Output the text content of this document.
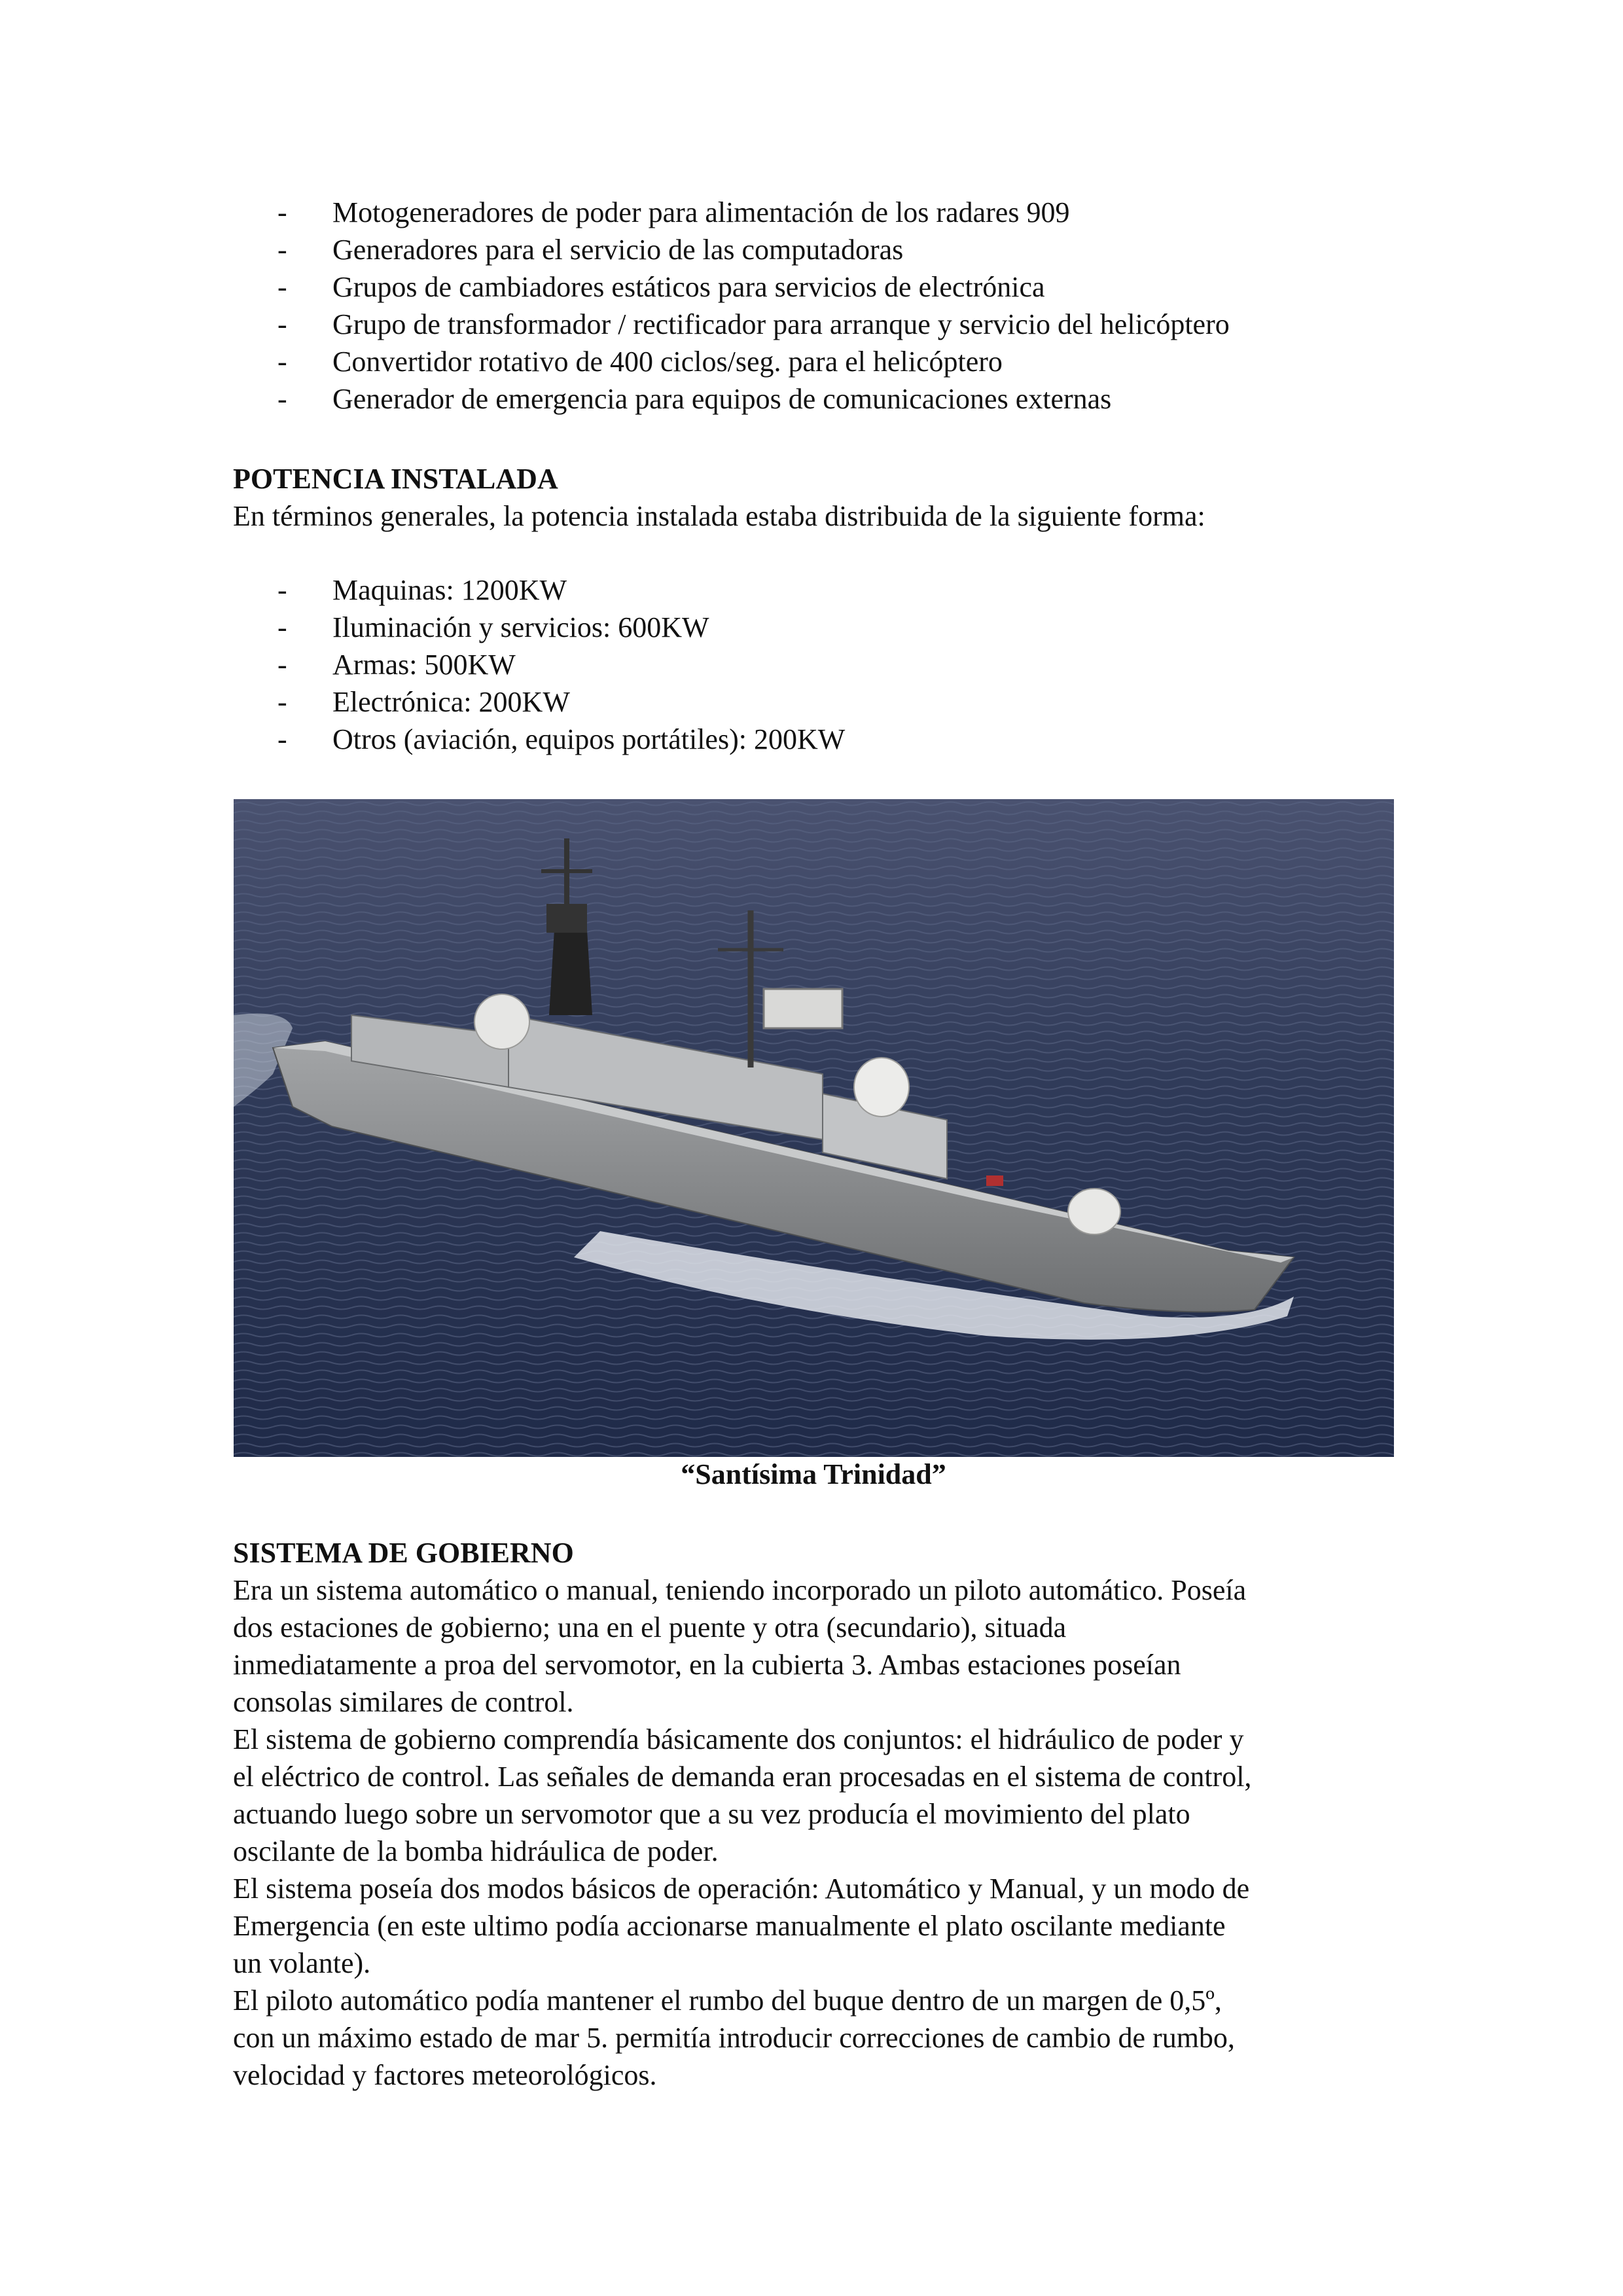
- Motogeneradores de poder para alimentación de los radares 909
- Generadores para el servicio de las computadoras
- Grupos de cambiadores estáticos para servicios de electrónica
- Grupo de transformador / rectificador para arranque y servicio del helicóptero
- Convertidor rotativo de 400 ciclos/seg. para el helicóptero
- Generador de emergencia para equipos de comunicaciones externas
POTENCIA INSTALADA
En términos generales, la potencia instalada estaba distribuida de la siguiente forma:
- Maquinas: 1200KW
- Iluminación y servicios: 600KW
- Armas: 500KW
- Electrónica: 200KW
- Otros (aviación, equipos portátiles): 200KW
“Santísima Trinidad”
SISTEMA DE GOBIERNO

Era un sistema automático o manual, teniendo incorporado un piloto automático. Poseía

dos estaciones de gobierno; una en el puente y otra (secundario), situada

inmediatamente a proa del servomotor, en la cubierta 3. Ambas estaciones poseían

consolas similares de control.

El sistema de gobierno comprendía básicamente dos conjuntos: el hidráulico de poder y

el eléctrico de control. Las señales de demanda eran procesadas en el sistema de control,

actuando luego sobre un servomotor que a su vez producía el movimiento del plato

oscilante de la bomba hidráulica de poder.

El sistema poseía dos modos básicos de operación: Automático y Manual, y un modo de

Emergencia (en este ultimo podía accionarse manualmente el plato oscilante mediante

un volante).

El piloto automático podía mantener el rumbo del buque dentro de un margen de 0,5º,

con un máximo estado de mar 5. permitía introducir correcciones de cambio de rumbo,

velocidad y factores meteorológicos.
